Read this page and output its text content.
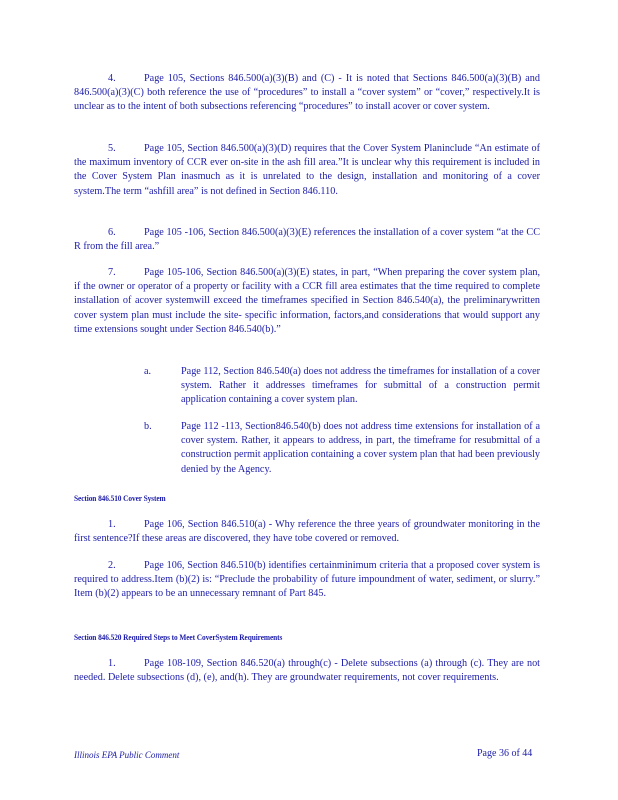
4.	Page 105, Sections 846.500(a)(3)(B) and (C) - It is noted that Sections 846.500(a)(3)(B) and 846.500(a)(3)(C) both reference the use of “procedures” to install a “cover system” or “cover,” respectively.It is unclear as to the intent of both subsections referencing “procedures” to install acover or cover system.

5.	Page 105, Section 846.500(a)(3)(D) requires that the Cover System Planinclude “An estimate of the maximum inventory of CCR ever on-site in the ash fill area.”It is unclear why this requirement is included in the Cover System Plan inasmuch as it is unrelated to the design, installation and monitoring of a cover system.The term “ashfill area” is not defined in Section 846.110.

6.	Page 105 -106, Section 846.500(a)(3)(E) references the installation of a cover system “at the CC R from the fill area.”

7.	Page 105-106, Section 846.500(a)(3)(E) states, in part, “When preparing the cover system plan, if the owner or operator of a property or facility with a CCR fill area estimates that the time required to complete installation of acover systemwill exceed the timeframes specified in Section 846.540(a), the preliminarywritten cover system plan must include the site- specific information, factors,and considerations that would support any time extensions sought under Section 846.540(b).”

a.	Page 112, Section 846.540(a) does not address the timeframes for installation of a cover system. Rather it addresses timeframes for submittal of a construction permit application containing a cover system plan.
b.	Page 112 -113, Section846.540(b) does not address time extensions for installation of a cover system. Rather, it appears to address, in part, the timeframe for resubmittal of a construction permit application containing a cover system plan that had been previously denied by the Agency.

Section 846.510 Cover System

1.	Page 106, Section 846.510(a) - Why reference the three years of groundwater monitoring in the first sentence?If these areas are discovered, they have tobe covered or removed.

2.	Page 106, Section 846.510(b) identifies certainminimum criteria that a proposed cover system is required to address.Item (b)(2) is: “Preclude the probability of future impoundment of water, sediment, or slurry.” Item (b)(2) appears to be an unnecessary remnant of Part 845.

Section 846.520 Required Steps to Meet CoverSystem Requirements

1.	Page 108-109, Section 846.520(a) through(c) - Delete subsections (a) through (c). They are not needed. Delete subsections (d), (e), and(h). They are groundwater requirements, not cover requirements.

Illinois EPA Public Comment	Page 36 of 44
